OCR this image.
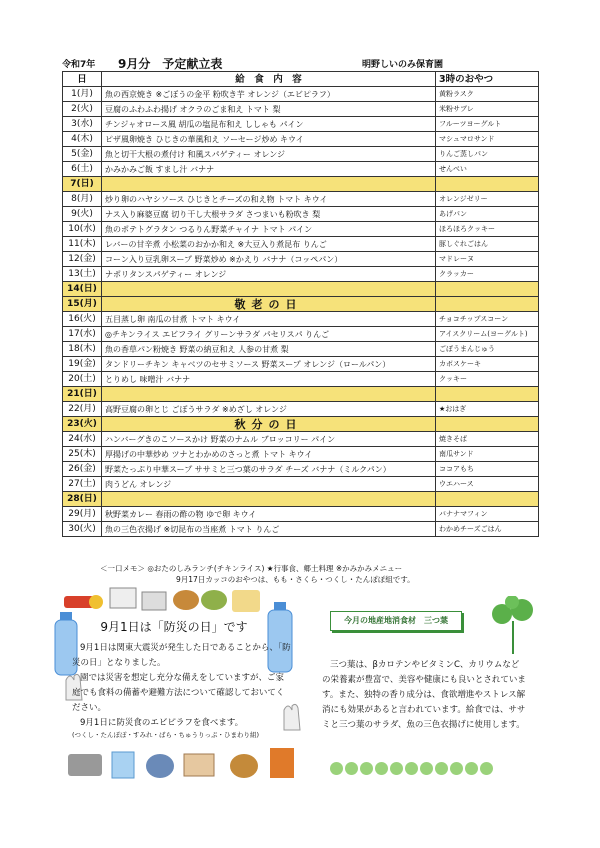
令和7年 9月分　予定献立表	明野しいのみ保育園
日	給　食　内　容	3時のおやつ
1(月)	魚の西京焼き ※ごぼうの金平 粉吹き芋 オレンジ（エビピラフ）	黄粉ラスク
2(火)	豆腐のふわふわ揚げ オクラのごま和え トマト 梨	米粉サブレ
3(水)	チンジャオロース風 胡瓜の塩昆布和え ししゃも パイン	フルーツヨーグルト
4(木)	ピザ風卵焼き ひじきの華風和え ソーセージ炒め キウイ	マシュマロサンド
5(金)	魚と切干大根の煮付け 和風スパゲティー オレンジ	りんご蒸しパン
6(土)	かみかみご飯 すまし汁 バナナ	せんべい
7(日)		
8(月)	炒り卵のハヤシソース ひじきとチーズの和え物 トマト キウイ	オレンジゼリー
9(火)	ナス入り麻婆豆腐 切り干し大根サラダ さつまいも粉吹き 梨	あげパン
10(水)	魚のポテトグラタン つるりん野菜チャイナ トマト パイン	ほろほろクッキー
11(木)	レバーの甘辛煮 小松菜のおかか和え ※大豆入り煮昆布 りんご	豚しぐれごはん
12(金)	コーン入り豆乳卵スープ 野菜炒め ※かえり バナナ（コッペパン）	マドレーヌ
13(土)	ナポリタンスパゲティー オレンジ	クラッカー
14(日)		
15(月)	敬老の日	
16(火)	五目蒸し卵 南瓜の甘煮 トマト キウイ	チョコチップスコーン
17(水)	◎チキンライス エビフライ グリーンサラダ パセリスパ りんご	アイスクリーム(ヨーグルト)
18(木)	魚の香草パン粉焼き 野菜の納豆和え 人参の甘煮 梨	ごぼうまんじゅう
19(金)	タンドリーチキン キャベツのセサミソース 野菜スープ オレンジ（ロールパン）	カボスケーキ
20(土)	とりめし 味噌汁 バナナ	クッキー
21(日)		
22(月)	高野豆腐の卵とじ ごぼうサラダ ※めざし オレンジ	★おはぎ
23(火)	秋分の日	
24(水)	ハンバーグきのこソースかけ 野菜のナムル ブロッコリー パイン	焼きそば
25(木)	厚揚げの中華炒め ツナとわかめのさっと煮 トマト キウイ	南瓜サンド
26(金)	野菜たっぷり中華スープ ササミと三つ葉のサラダ チーズ バナナ（ミルクパン）	ココアもち
27(土)	肉うどん オレンジ	ウエハース
28(日)		
29(月)	秋野菜カレー 春雨の酢の物 ゆで卵 キウイ	バナナマフィン
30(火)	魚の三色衣揚げ ※切昆布の当座煮 トマト りんご	わかめチーズごはん
＜一口メモ＞ ◎おたのしみランチ(チキンライス) ★行事食、郷土料理 ※かみかみメニュー
9月17日カッコのおやつは、もも・さくら・つくし・たんぽぽ組です。
9月1日は「防災の日」です

9月1日は関東大震災が発生した日であることから、「防災の日」となりました。

園では災害を想定し充分な備えをしていますが、ご家庭でも食料の備蓄や避難方法について確認しておいてください。

9月1日に防災食のエビピラフを食べます。

(つくし・たんぽぽ・すみれ・ばら・ちゅうりっぷ・ひまわり組)

今月の地産地消食材　三つ葉

三つ葉は、βカロテンやビタミンC、カリウムなどの栄養素が豊富で、美容や健康にも良いとされています。また、独特の香り成分は、食欲増進やストレス解消にも効果があると言われています。給食では、ササミと三つ葉のサラダ、魚の三色衣揚げに使用します。
